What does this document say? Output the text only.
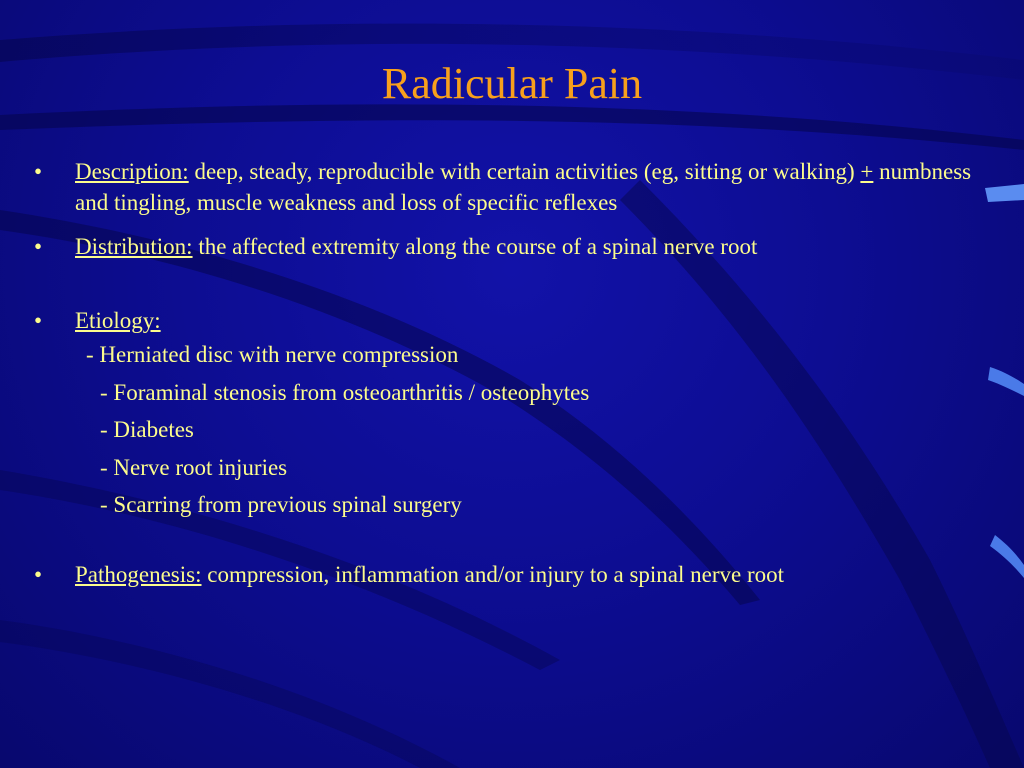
Radicular Pain

• Description: deep, steady, reproducible with certain activities (eg, sitting or walking) + numbness and tingling, muscle weakness and loss of specific reflexes

• Distribution: the affected extremity along the course of a spinal nerve root

• Etiology:

- Herniated disc with nerve compression

- Foraminal stenosis from osteoarthritis / osteophytes

- Diabetes

- Nerve root injuries

- Scarring from previous spinal surgery

• Pathogenesis: compression, inflammation and/or injury to a spinal nerve root
